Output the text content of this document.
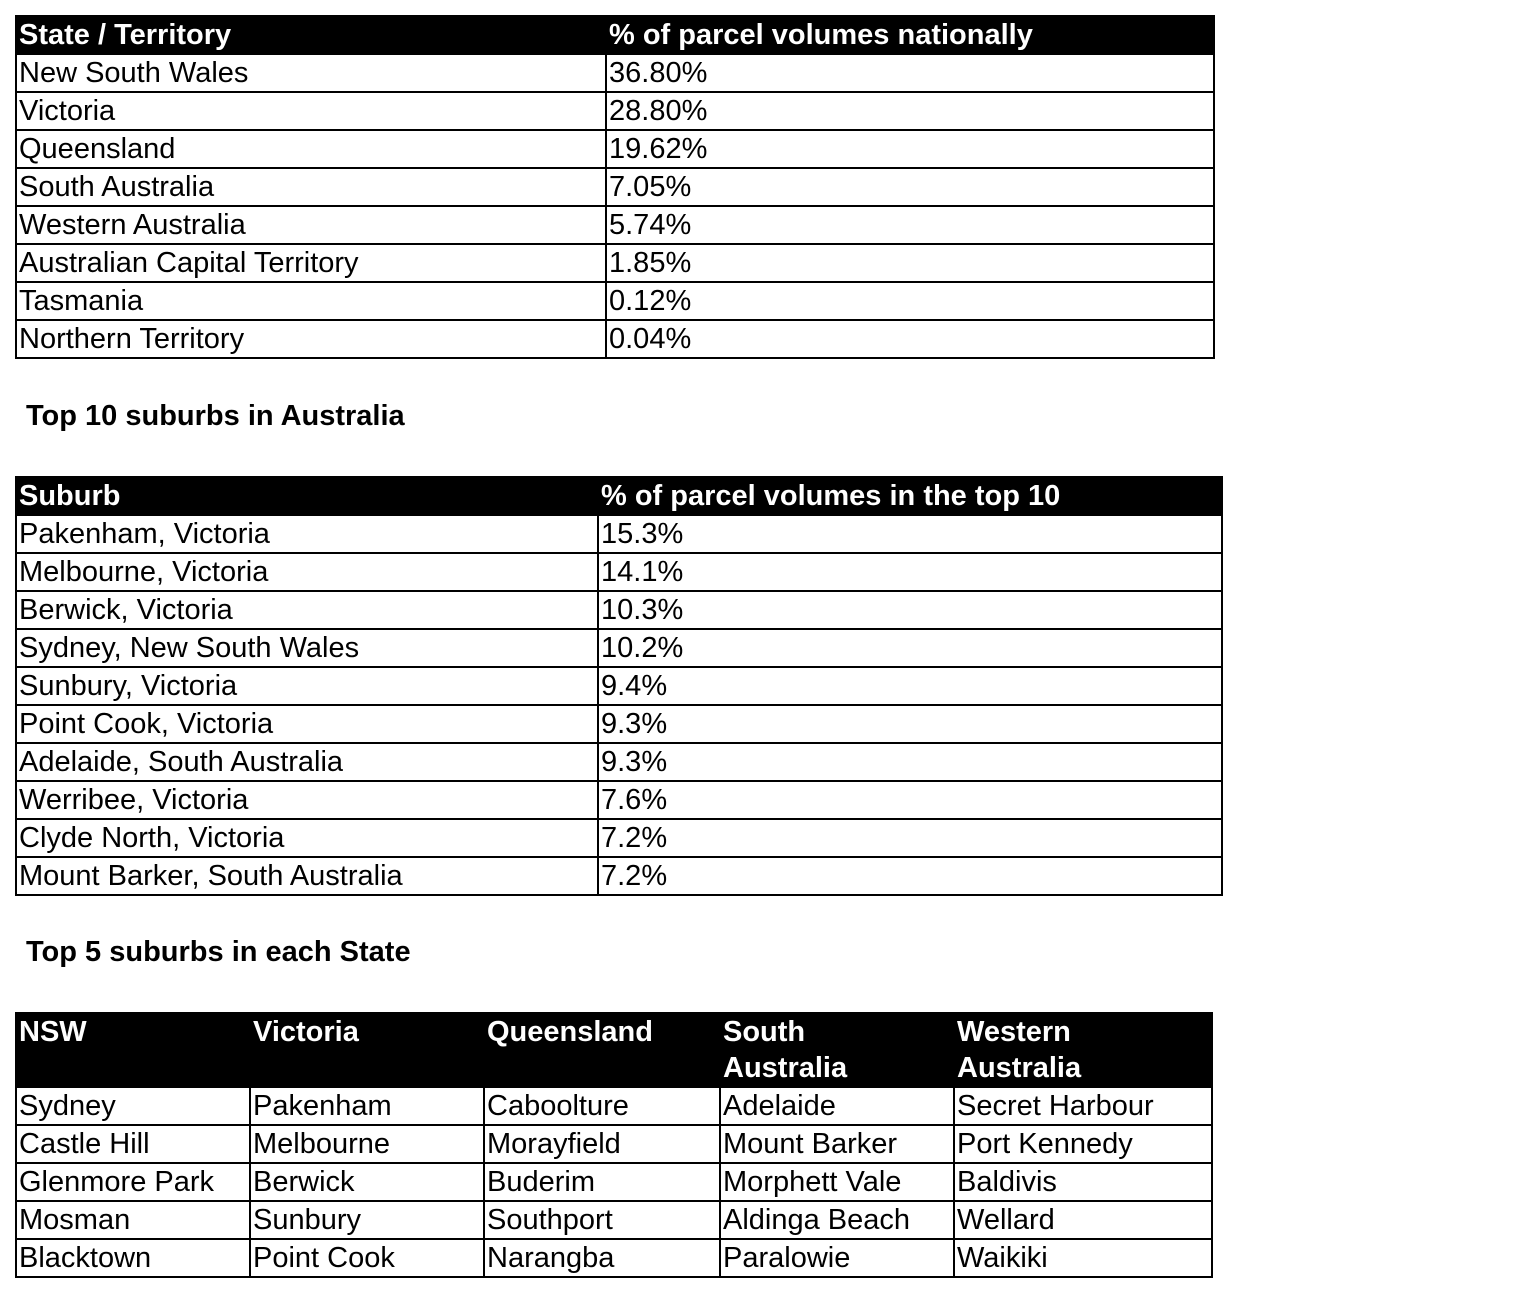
State / Territory	% of parcel volumes nationally
New South Wales	36.80%
Victoria	28.80%
Queensland	19.62%
South Australia	7.05%
Western Australia	5.74%
Australian Capital Territory	1.85%
Tasmania	0.12%
Northern Territory	0.04%
Top 10 suburbs in Australia
Suburb	% of parcel volumes in the top 10
Pakenham, Victoria	15.3%
Melbourne, Victoria	14.1%
Berwick, Victoria	10.3%
Sydney, New South Wales	10.2%
Sunbury, Victoria	9.4%
Point Cook, Victoria	9.3%
Adelaide, South Australia	9.3%
Werribee, Victoria	7.6%
Clyde North, Victoria	7.2%
Mount Barker, South Australia	7.2%
Top 5 suburbs in each State
NSW	Victoria	Queensland	South Australia	Western Australia
Sydney	Pakenham	Caboolture	Adelaide	Secret Harbour
Castle Hill	Melbourne	Morayfield	Mount Barker	Port Kennedy
Glenmore Park	Berwick	Buderim	Morphett Vale	Baldivis
Mosman	Sunbury	Southport	Aldinga Beach	Wellard
Blacktown	Point Cook	Narangba	Paralowie	Waikiki
